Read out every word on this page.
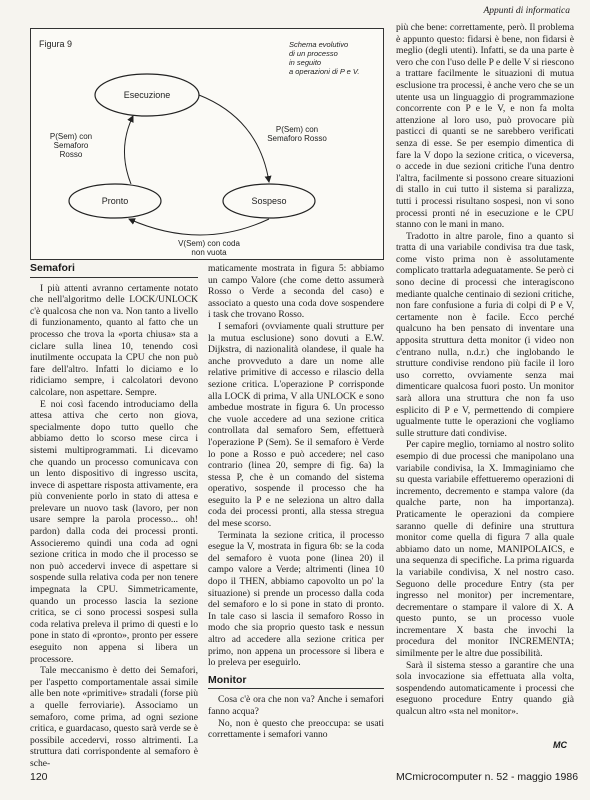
Appunti di informatica
Figura 9	Schema evolutivo
di un processo
in seguito
a operazioni di P e V.
Esecuzione
Pronto	Sospeso
P(Sem) con
Semaforo
Rosso
P(Sem) con
Semaforo Rosso
V(Sem) con coda
non vuota
Semafori

I più attenti avranno certamente notato che nell'algoritmo delle LOCK/UNLOCK c'è qualcosa che non va. Non tanto a livello di funzionamento, quanto al fatto che un processo che trova la «porta chiusa» sta a ciclare sulla linea 10, tenendo così inutilmente occupata la CPU che non può fare dell'altro. Infatti lo diciamo e lo ridiciamo sempre, i calcolatori devono calcolare, non aspettare. Sempre.

E noi così facendo introduciamo della attesa attiva che certo non giova, specialmente dopo tutto quello che abbiamo detto lo scorso mese circa i sistemi multiprogrammati. Li dicevamo che quando un processo comunicava con un lento dispositivo di ingresso uscita, invece di aspettare risposta attivamente, era più conveniente porlo in stato di attesa e prelevare un nuovo task (lavoro, per non usare sempre la parola processo... oh! pardon) dalla coda dei processi pronti. Associeremo quindi una coda ad ogni sezione critica in modo che il processo se non può accedervi invece di aspettare si sospende sulla relativa coda per non tenere impegnata la CPU. Simmetricamente, quando un processo lascia la sezione critica, se ci sono processi sospesi sulla coda relativa preleva il primo di questi e lo pone in stato di «pronto», pronto per essere eseguito non appena si libera un processore.

Tale meccanismo è detto dei Semafori, per l'aspetto comportamentale assai simile alle ben note «primitive» stradali (forse più a quelle ferroviarie). Associamo un semaforo, come prima, ad ogni sezione critica, e guardacaso, questo sarà verde se è possibile accedervi, rosso altrimenti. La struttura dati corrispondente al semaforo è sche-

maticamente mostrata in figura 5: abbiamo un campo Valore (che come detto assumerà Rosso o Verde a seconda del caso) e associato a questo una coda dove sospendere i task che trovano Rosso.

I semafori (ovviamente quali strutture per la mutua esclusione) sono dovuti a E.W. Dijkstra, di nazionalità olandese, il quale ha anche provveduto a dare un nome alle relative primitive di accesso e rilascio della sezione critica. L'operazione P corrisponde alla LOCK di prima, V alla UNLOCK e sono ambedue mostrate in figura 6. Un processo che vuole accedere ad una sezione critica controllata dal semaforo Sem, effettuerà l'operazione P (Sem). Se il semaforo è Verde lo pone a Rosso e può accedere; nel caso contrario (linea 20, sempre di fig. 6a) la stessa P, che è un comando del sistema operativo, sospende il processo che ha eseguito la P e ne seleziona un altro dalla coda dei processi pronti, alla stessa stregua del mese scorso.

Terminata la sezione critica, il processo esegue la V, mostrata in figura 6b: se la coda del semaforo è vuota pone (linea 20) il campo valore a Verde; altrimenti (linea 10 dopo il THEN, abbiamo capovolto un po' la situazione) si prende un processo dalla coda del semaforo e lo si pone in stato di pronto. In tale caso si lascia il semaforo Rosso in modo che sia proprio questo task e nessun altro ad accedere alla sezione critica per primo, non appena un processore si libera e lo preleva per eseguirlo.

Monitor

Cosa c'è ora che non va? Anche i semafori fanno acqua?

No, non è questo che preoccupa: se usati correttamente i semafori vanno

più che bene: correttamente, però. Il problema è appunto questo: fidarsi è bene, non fidarsi è meglio (degli utenti). Infatti, se da una parte è vero che con l'uso delle P e delle V si riescono a trattare facilmente le situazioni di mutua esclusione tra processi, è anche vero che se un utente usa un linguaggio di programmazione concorrente con P e le V, e non fa molta attenzione al loro uso, può provocare più pasticci di quanti se ne sarebbero verificati senza di esse. Se per esempio dimentica di fare la V dopo la sezione critica, o viceversa, o accede in due sezioni critiche l'una dentro l'altra, facilmente si possono creare situazioni di stallo in cui tutto il sistema si paralizza, tutti i processi risultano sospesi, non vi sono processi pronti né in esecuzione e le CPU stanno con le mani in mano.

Tradotto in altre parole, fino a quanto si tratta di una variabile condivisa tra due task, come visto prima non è assolutamente complicato trattarla adeguatamente. Se però ci sono decine di processi che interagiscono mediante qualche centinaio di sezioni critiche, non fare confusione a furia di colpi di P e V, certamente non è facile. Ecco perché qualcuno ha ben pensato di inventare una apposita struttura detta monitor (i video non c'entrano nulla, n.d.r.) che inglobando le strutture condivise rendono più facile il loro uso corretto, ovviamente senza mai dimenticare qualcosa fuori posto. Un monitor sarà allora una struttura che non fa uso esplicito di P e V, permettendo di compiere ugualmente tutte le operazioni che vogliamo sulle strutture dati condivise.

Per capire meglio, torniamo al nostro solito esempio di due processi che manipolano una variabile condivisa, la X. Immaginiamo che su questa variabile effettueremo operazioni di incremento, decremento e stampa valore (da qualche parte, non ha importanza). Praticamente le operazioni da compiere saranno quelle di definire una struttura monitor come quella di figura 7 alla quale abbiamo dato un nome, MANIPOLAICS, e una sequenza di specifiche. La prima riguarda la variabile condivisa, X nel nostro caso. Seguono delle procedure Entry (sta per ingresso nel monitor) per incrementare, decrementare o stampare il valore di X. A questo punto, se un processo vuole incrementare X basta che invochi la procedura del monitor INCREMENTA; similmente per le altre due possibilità.

Sarà il sistema stesso a garantire che una sola invocazione sia effettuata alla volta, sospendendo automaticamente i processi che eseguono procedure Entry quando già qualcun altro «sta nel monitor».

MC
120	MCmicrocomputer n. 52 - maggio 1986
